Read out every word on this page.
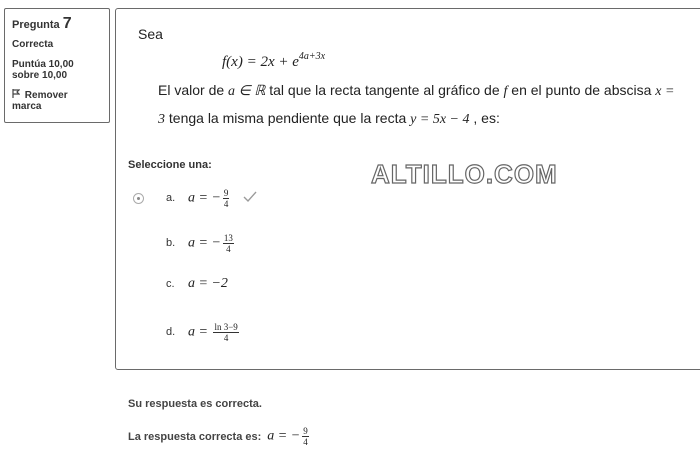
Pregunta 7
Correcta
Puntúa 10,00
sobre 10,00
Remover
marca
Sea
$f(x) = 2x + e^{4a+3x}$
El valor de a ∈ ℝ tal que la recta tangente al gráfico de f en el punto de abscisa x = 3 tenga la misma pendiente que la recta y = 5x − 4 , es:
ALTILLO.COM
Seleccione una:
a. a = − $\frac{9}{4}$
b. a = − $\frac{13}{4}$
c. a = −2
d. $a = \frac{\ln 3-9}{4}$
Su respuesta es correcta.
La respuesta correcta es: a = − $\frac{9}{4}$
